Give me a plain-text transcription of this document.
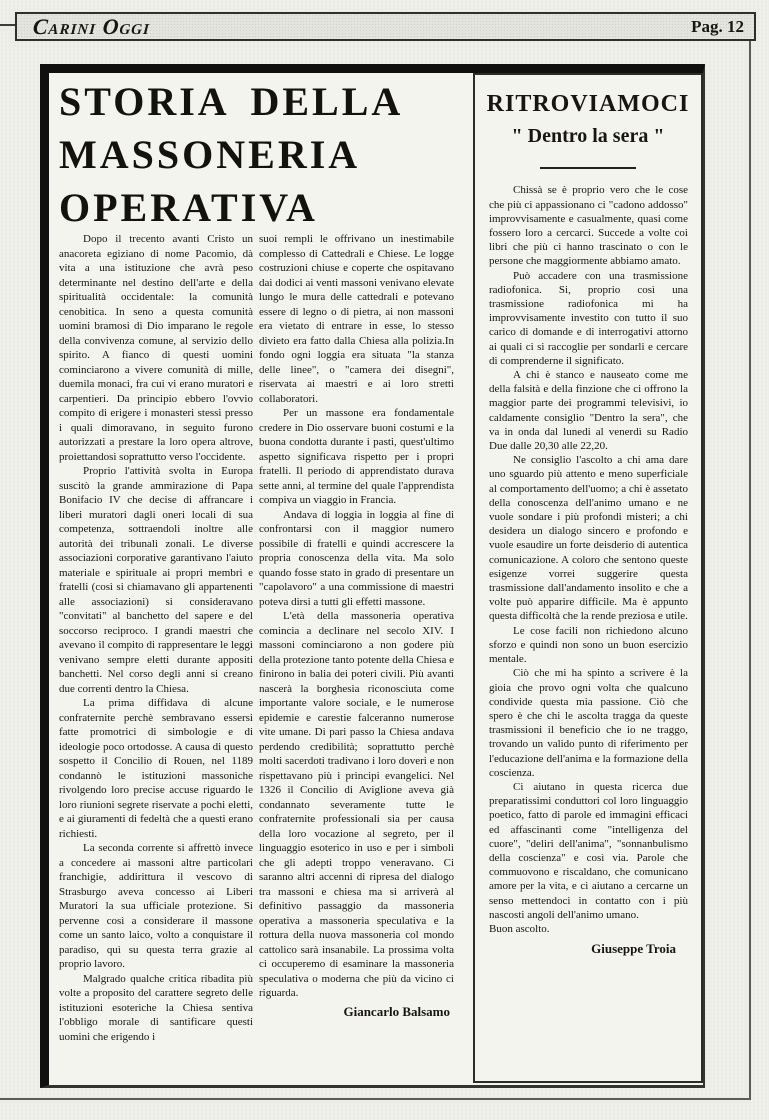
Carini Oggi	Pag. 12
STORIA DELLA MASSONERIA OPERATIVA

Dopo il trecento avanti Cristo un anacoreta egiziano di nome Pacomio, dà vita a una istituzione che avrà peso determinante nel destino dell'arte e della spiritualità occidentale: la comunità cenobitica. In seno a questa comunità uomini bramosi di Dio imparano le regole della convivenza comune, al servizio dello spirito. A fianco di questi uomini cominciarono a vivere comunità di mille, duemila monaci, fra cui vi erano muratori e carpentieri. Da principio ebbero l'ovvio compito di erigere i monasteri stessi presso i quali dimoravano, in seguito furono autorizzati a prestare la loro opera altrove, proiettandosi soprattutto verso l'occidente.

Proprio l'attività svolta in Europa suscitò la grande ammirazione di Papa Bonifacio IV che decise di affrancare i liberi muratori dagli oneri locali di sua competenza, sottraendoli inoltre alle autorità dei tribunali zonali. Le diverse associazioni corporative garantivano l'aiuto materiale e spirituale ai propri membri e fratelli (così si chiamavano gli appartenenti alle associazioni) si consideravano "convitati" al banchetto del sapere e del soccorso reciproco. I grandi maestri che avevano il compito di rappresentare le leggi venivano sempre eletti durante appositi banchetti. Nel corso degli anni si creano due correnti dentro la Chiesa.

La prima diffidava di alcune confraternite perchè sembravano essersi fatte promotrici di simbologie e di ideologie poco ortodosse. A causa di questo sospetto il Concilio di Rouen, nel 1189 condannò le istituzioni massoniche rivolgendo loro precise accuse riguardo le loro riunioni segrete riservate a pochi eletti, e ai giuramenti di fedeltà che a questi erano richiesti.

La seconda corrente si affrettò invece a concedere ai massoni altre particolari franchigie, addirittura il vescovo di Strasburgo aveva concesso ai Liberi Muratori la sua ufficiale protezione. Si pervenne così a considerare il massone come un santo laico, volto a conquistare il paradiso, quì su questa terra grazie al proprio lavoro.

Malgrado qualche critica ribadita più volte a proposito del carattere segreto delle istituzioni esoteriche la Chiesa sentiva l'obbligo morale di santificare questi uomini che erigendo i

suoi rempli le offrivano un inestimabile complesso di Cattedrali e Chiese. Le logge costruzioni chiuse e coperte che ospitavano dai dodici ai venti massoni venivano elevate lungo le mura delle cattedrali e potevano essere di legno o di pietra, ai non massoni era vietato di entrare in esse, lo stesso divieto era fatto dalla Chiesa alla polizia.In fondo ogni loggia era situata "la stanza delle linee", o "camera dei disegni", riservata ai maestri e ai loro stretti collaboratori.

Per un massone era fondamentale credere in Dio osservare buoni costumi e la buona condotta durante i pasti, quest'ultimo aspetto significava rispetto per i propri fratelli. Il periodo di apprendistato durava sette anni, al termine del quale l'apprendista compiva un viaggio in Francia.

Andava di loggia in loggia al fine di confrontarsi con il maggior numero possibile di fratelli e quindi accrescere la propria conoscenza della vita. Ma solo quando fosse stato in grado di presentare un "capolavoro" a una commissione di maestri poteva dirsi a tutti gli effetti massone.

L'età della massoneria operativa comincia a declinare nel secolo XIV. I massoni cominciarono a non godere più della protezione tanto potente della Chiesa e finirono in balia dei poteri civili. Più avanti nascerà la borghesia riconosciuta come importante valore sociale, e le numerose epidemie e carestie falceranno numerose vite umane. Di pari passo la Chiesa andava perdendo credibilità; soprattutto perchè molti sacerdoti tradivano i loro doveri e non rispettavano più i principi evangelici. Nel 1326 il Concilio di Aviglione aveva già condannato severamente tutte le confraternite professionali sia per causa della loro vocazione al segreto, per il linguaggio esoterico in uso e per i simboli che gli adepti troppo veneravano. Ci saranno altri accenni di ripresa del dialogo tra massoni e chiesa ma si arriverà al definitivo passaggio da massoneria operativa a massoneria speculativa e la rottura della nuova massoneria col mondo cattolico sarà insanabile. La prossima volta ci occuperemo di esaminare la massoneria speculativa o moderna che più da vicino ci riguarda.

Giancarlo Balsamo

RITROVIAMOCI
" Dentro la sera "

Chissà se è proprio vero che le cose che più ci appassionano ci "cadono addosso" improvvisamente e casualmente, quasi come fossero loro a cercarci. Succede a volte coi libri che più ci hanno trascinato o con le persone che maggiormente abbiamo amato.

Può accadere con una trasmissione radiofonica. Si, proprio così una trasmissione radiofonica mi ha improvvisamente investito con tutto il suo carico di domande e di interrogativi attorno ai quali ci si raccoglie per sondarli e cercare di comprenderne il significato.

A chi è stanco e nauseato come me della falsità e della finzione che ci offrono la maggior parte dei programmi televisivi, io caldamente consiglio "Dentro la sera", che va in onda dal lunedi al venerdì su Radio Due dalle 20,30 alle 22,20.

Ne consiglio l'ascolto a chi ama dare uno sguardo più attento e meno superficiale al comportamento dell'uomo; a chi è assetato della conoscenza dell'animo umano e ne vuole sondare i più profondi misteri; a chi desidera un dialogo sincero e profondo e vuole esaudire un forte deisderio di autentica comunicazione. A coloro che sentono queste esigenze vorrei suggerire questa trasmissione dall'andamento insolito e che a volte può apparire difficile. Ma è appunto questa difficoltà che la rende preziosa e utile.

Le cose facili non richiedono alcuno sforzo e quindi non sono un buon esercizio mentale.

Ciò che mi ha spinto a scrivere è la gioia che provo ogni volta che qualcuno condivide questa mia passione. Ciò che spero è che chi le ascolta tragga da queste trasmissioni il beneficio che io ne traggo, trovando un valido punto di riferimento per l'educazione dell'anima e la formazione della coscienza.

Ci aiutano in questa ricerca due preparatissimi conduttori col loro linguaggio poetico, fatto di parole ed immagini efficaci ed affascinanti come "intelligenza del cuore", "deliri dell'anima", "sonnanbulismo della coscienza" e così via. Parole che commuovono e riscaldano, che comunicano amore per la vita, e ci aiutano a cercarne un senso mettendoci in contatto con i più nascosti angoli dell'animo umano.

Buon ascolto.

Giuseppe Troia
